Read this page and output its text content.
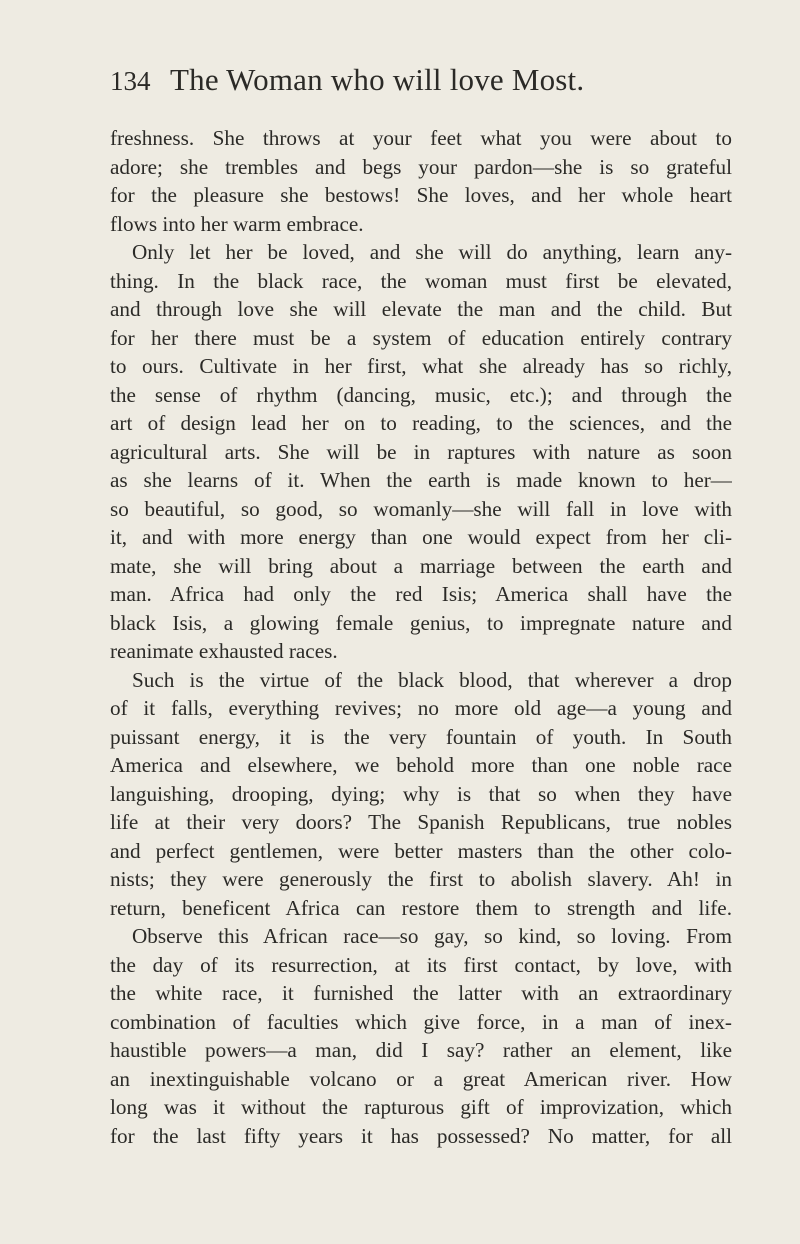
134 The Woman who will love Most.
freshness. She throws at your feet what you were about to
adore; she trembles and begs your pardon—she is so grateful
for the pleasure she bestows! She loves, and her whole heart
flows into her warm embrace.
Only let her be loved, and she will do anything, learn any-
thing. In the black race, the woman must first be elevated,
and through love she will elevate the man and the child. But
for her there must be a system of education entirely contrary
to ours. Cultivate in her first, what she already has so richly,
the sense of rhythm (dancing, music, etc.); and through the
art of design lead her on to reading, to the sciences, and the
agricultural arts. She will be in raptures with nature as soon
as she learns of it. When the earth is made known to her—
so beautiful, so good, so womanly—she will fall in love with
it, and with more energy than one would expect from her cli-
mate, she will bring about a marriage between the earth and
man. Africa had only the red Isis; America shall have the
black Isis, a glowing female genius, to impregnate nature and
reanimate exhausted races.
Such is the virtue of the black blood, that wherever a drop
of it falls, everything revives; no more old age—a young and
puissant energy, it is the very fountain of youth. In South
America and elsewhere, we behold more than one noble race
languishing, drooping, dying; why is that so when they have
life at their very doors? The Spanish Republicans, true nobles
and perfect gentlemen, were better masters than the other colo-
nists; they were generously the first to abolish slavery. Ah! in
return, beneficent Africa can restore them to strength and life.
Observe this African race—so gay, so kind, so loving. From
the day of its resurrection, at its first contact, by love, with
the white race, it furnished the latter with an extraordinary
combination of faculties which give force, in a man of inex-
haustible powers—a man, did I say? rather an element, like
an inextinguishable volcano or a great American river. How
long was it without the rapturous gift of improvization, which
for the last fifty years it has possessed? No matter, for all
